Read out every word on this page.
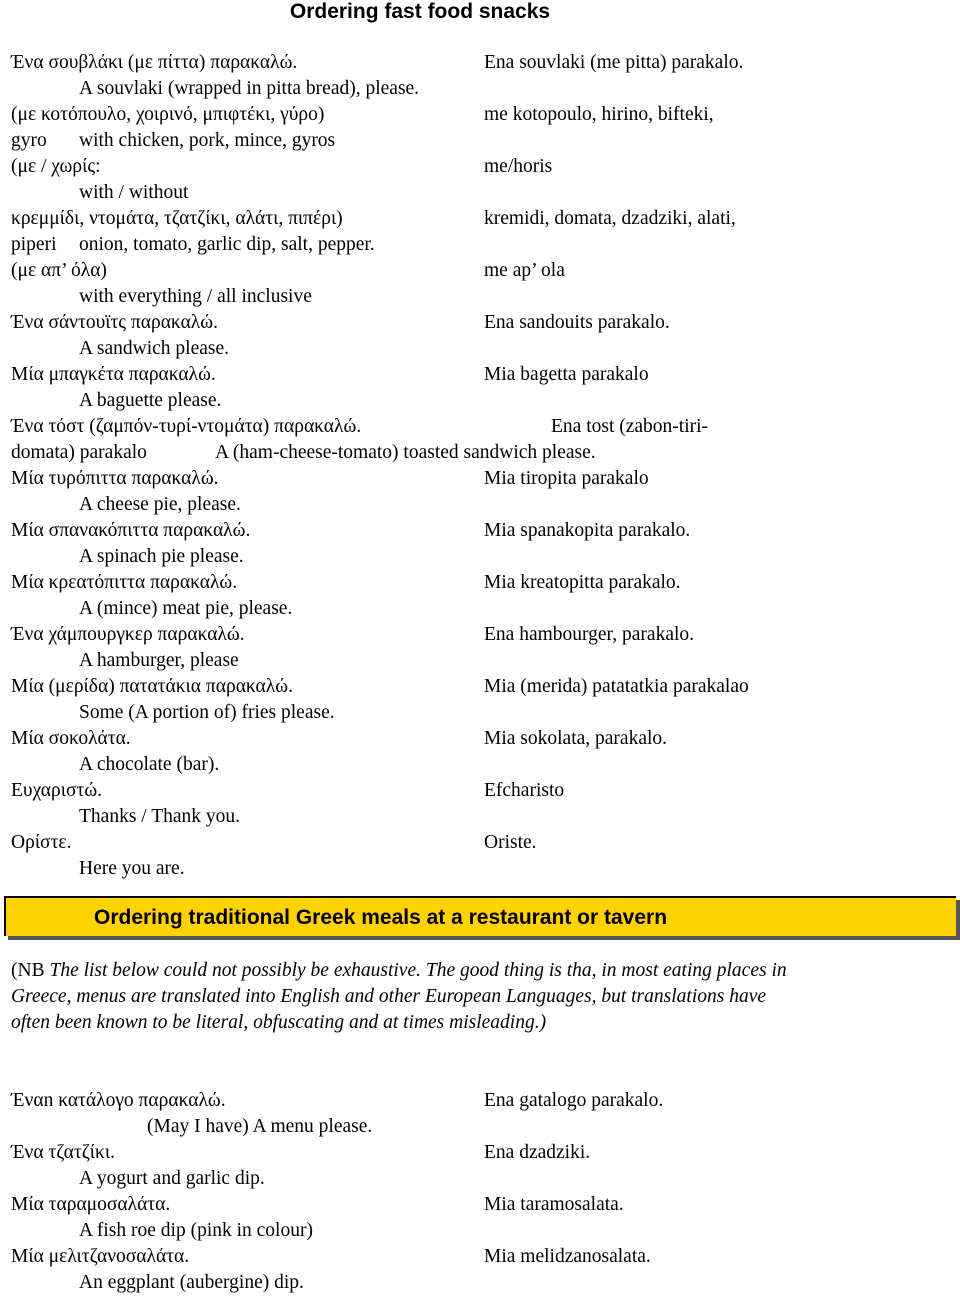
Ordering fast food snacks
Ένα σουβλάκι (με πίττα) παρακαλώ.	Ena souvlaki (me pitta) parakalo.
A souvlaki (wrapped in pitta bread), please.
(με κοτόπουλο, χοιρινό, μπιφτέκι, γύρο)	me kotopoulo, hirino, bifteki,
gyro with chicken, pork, mince, gyros
(με / χωρίς:	me/horis
with / without
κρεμμίδι, ντομάτα, τζατζίκι, αλάτι, πιπέρι)	kremidi, domata, dzadziki, alati,
piperi onion, tomato, garlic dip, salt, pepper.
(με απ’ όλα)	me ap’ ola
with everything / all inclusive
Ένα σάντουϊτς παρακαλώ.	Ena sandouits parakalo.
A sandwich please.
Μία μπαγκέτα παρακαλώ.	Mia bagetta parakalo
A baguette please.
Ένα τόστ (ζαμπόν-τυρί-ντομάτα) παρακαλώ.	Ena tost (zabon-tiri-
domata) parakalo	A (ham-cheese-tomato) toasted sandwich please.
Μία τυρόπιττα παρακαλώ.	Mia tiropita parakalo
A cheese pie, please.
Μία σπανακόπιττα παρακαλώ.	Mia spanakopita parakalo.
A spinach pie please.
Μία κρεατόπιττα παρακαλώ.	Mia kreatopitta parakalo.
A (mince) meat pie, please.
Ένα χάμπουργκερ παρακαλώ.	Ena hambourger, parakalo.
A hamburger, please
Μία (μερίδα) πατατάκια παρακαλώ.	Mia (merida) patatatkia parakalao
Some (A portion of) fries please.
Μία σοκολάτα.	Mia sokolata, parakalo.
A chocolate (bar).
Ευχαριστώ.	Efcharisto
Thanks / Thank you.
Ορίστε.	Oriste.
Here you are.
Ordering traditional Greek meals at a restaurant or tavern
(NB The list below could not possibly be exhaustive. The good thing is tha, in most eating places in Greece, menus are translated into English and other European Languages, but translations have often been known to be literal, obfuscating and at times misleading.)
Έναn κατάλογο παρακαλώ.	Ena gatalogo parakalo.
(May I have) A menu please.
Ένα τζατζίκι.	Ena dzadziki.
A yogurt and garlic dip.
Μία ταραμοσαλάτα.	Mia taramosalata.
A fish roe dip (pink in colour)
Μία μελιτζανοσαλάτα.	Mia melidzanosalata.
An eggplant (aubergine) dip.
